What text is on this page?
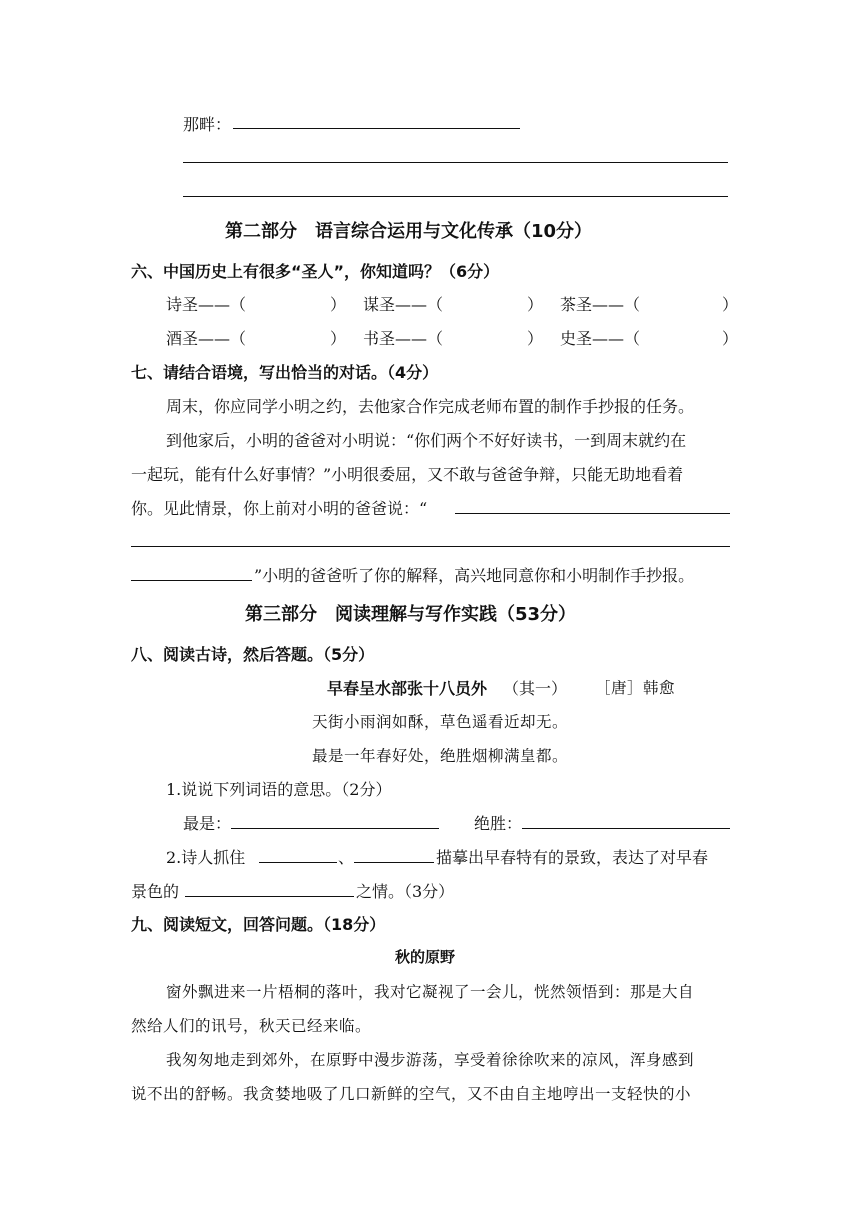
那畔：
第二部分　语言综合运用与文化传承（10分）
六、中国历史上有很多“圣人”，你知道吗？（6分）
诗圣——（	） 谋圣——（	） 茶圣——（	）
酒圣——（	） 书圣——（	） 史圣——（	）
七、请结合语境，写出恰当的对话。（4分）
周末，你应同学小明之约，去他家合作完成老师布置的制作手抄报的任务。
到他家后，小明的爸爸对小明说：“你们两个不好好读书，一到周末就约在
一起玩，能有什么好事情？”小明很委屈，又不敢与爸爸争辩，只能无助地看着
你。见此情景，你上前对小明的爸爸说：“
”小明的爸爸听了你的解释，高兴地同意你和小明制作手抄报。
第三部分　阅读理解与写作实践（53分）
八、阅读古诗，然后答题。（5分）
早春呈水部张十八员外 （其一） ［唐］韩愈
天街小雨润如酥，草色遥看近却无。
最是一年春好处，绝胜烟柳满皇都。
1.说说下列词语的意思。（2分）
最是：	绝胜：
2.诗人抓住	、	描摹出早春特有的景致，表达了对早春
景色的	之情。（3分）
九、阅读短文，回答问题。（18分）
秋的原野
窗外飘进来一片梧桐的落叶，我对它凝视了一会儿，恍然领悟到：那是大自
然给人们的讯号，秋天已经来临。
我匆匆地走到郊外，在原野中漫步游荡，享受着徐徐吹来的凉风，浑身感到
说不出的舒畅。我贪婪地吸了几口新鲜的空气，又不由自主地哼出一支轻快的小
